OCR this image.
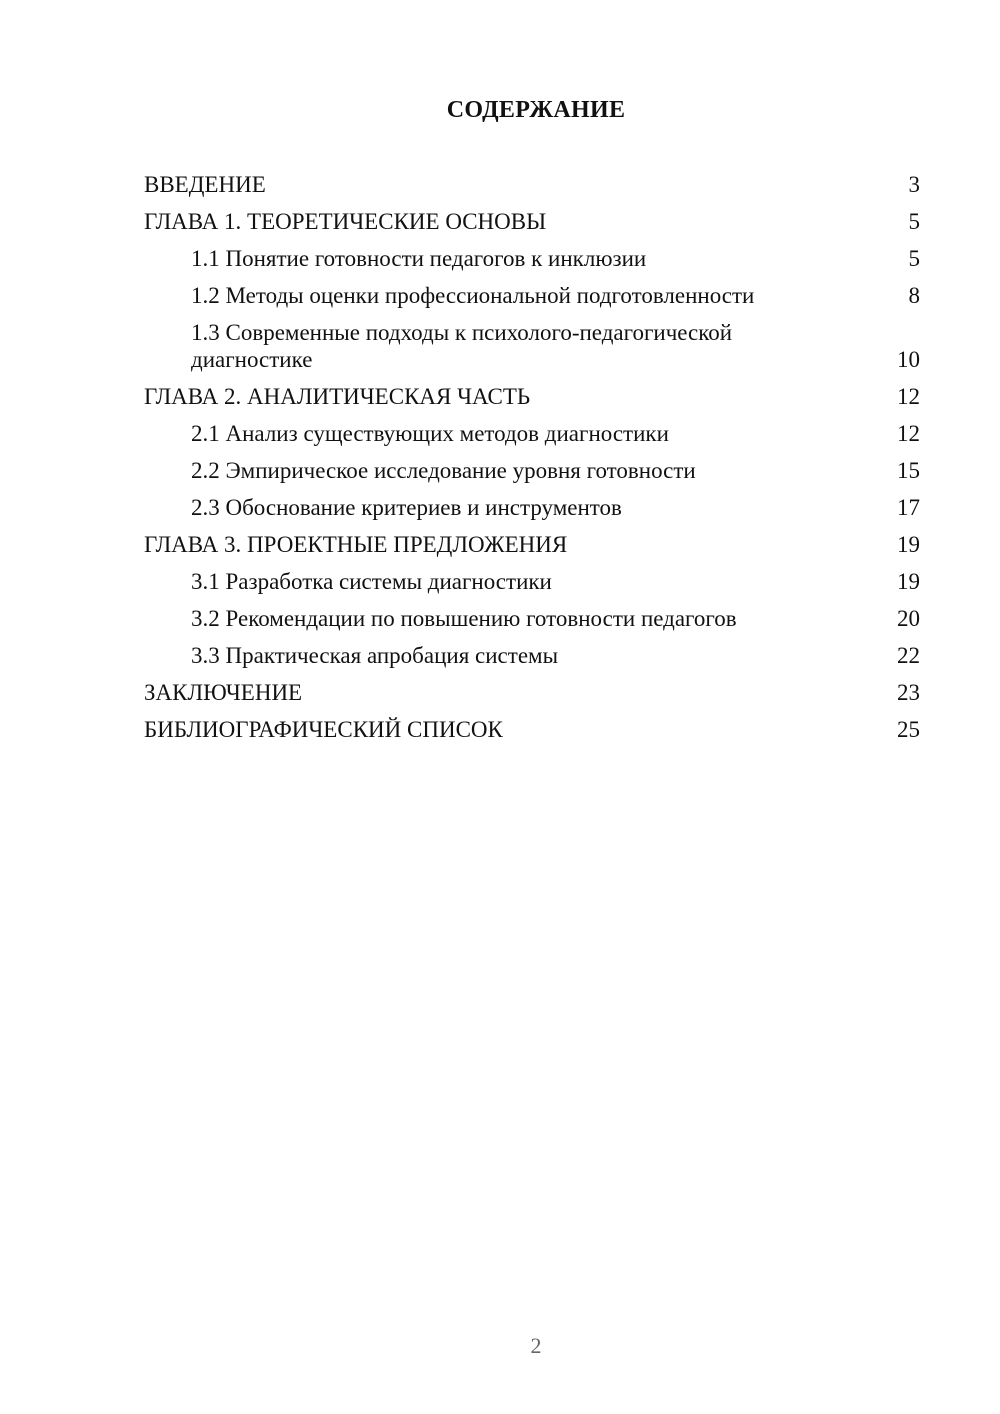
СОДЕРЖАНИЕ
ВВЕДЕНИЕ	3
ГЛАВА 1. ТЕОРЕТИЧЕСКИЕ ОСНОВЫ	5
1.1 Понятие готовности педагогов к инклюзии	5
1.2 Методы оценки профессиональной подготовленности	8
1.3 Современные подходы к психолого-педагогической диагностике	10
ГЛАВА 2. АНАЛИТИЧЕСКАЯ ЧАСТЬ	12
2.1 Анализ существующих методов диагностики	12
2.2 Эмпирическое исследование уровня готовности	15
2.3 Обоснование критериев и инструментов	17
ГЛАВА 3. ПРОЕКТНЫЕ ПРЕДЛОЖЕНИЯ	19
3.1 Разработка системы диагностики	19
3.2 Рекомендации по повышению готовности педагогов	20
3.3 Практическая апробация системы	22
ЗАКЛЮЧЕНИЕ	23
БИБЛИОГРАФИЧЕСКИЙ СПИСОК	25
2
